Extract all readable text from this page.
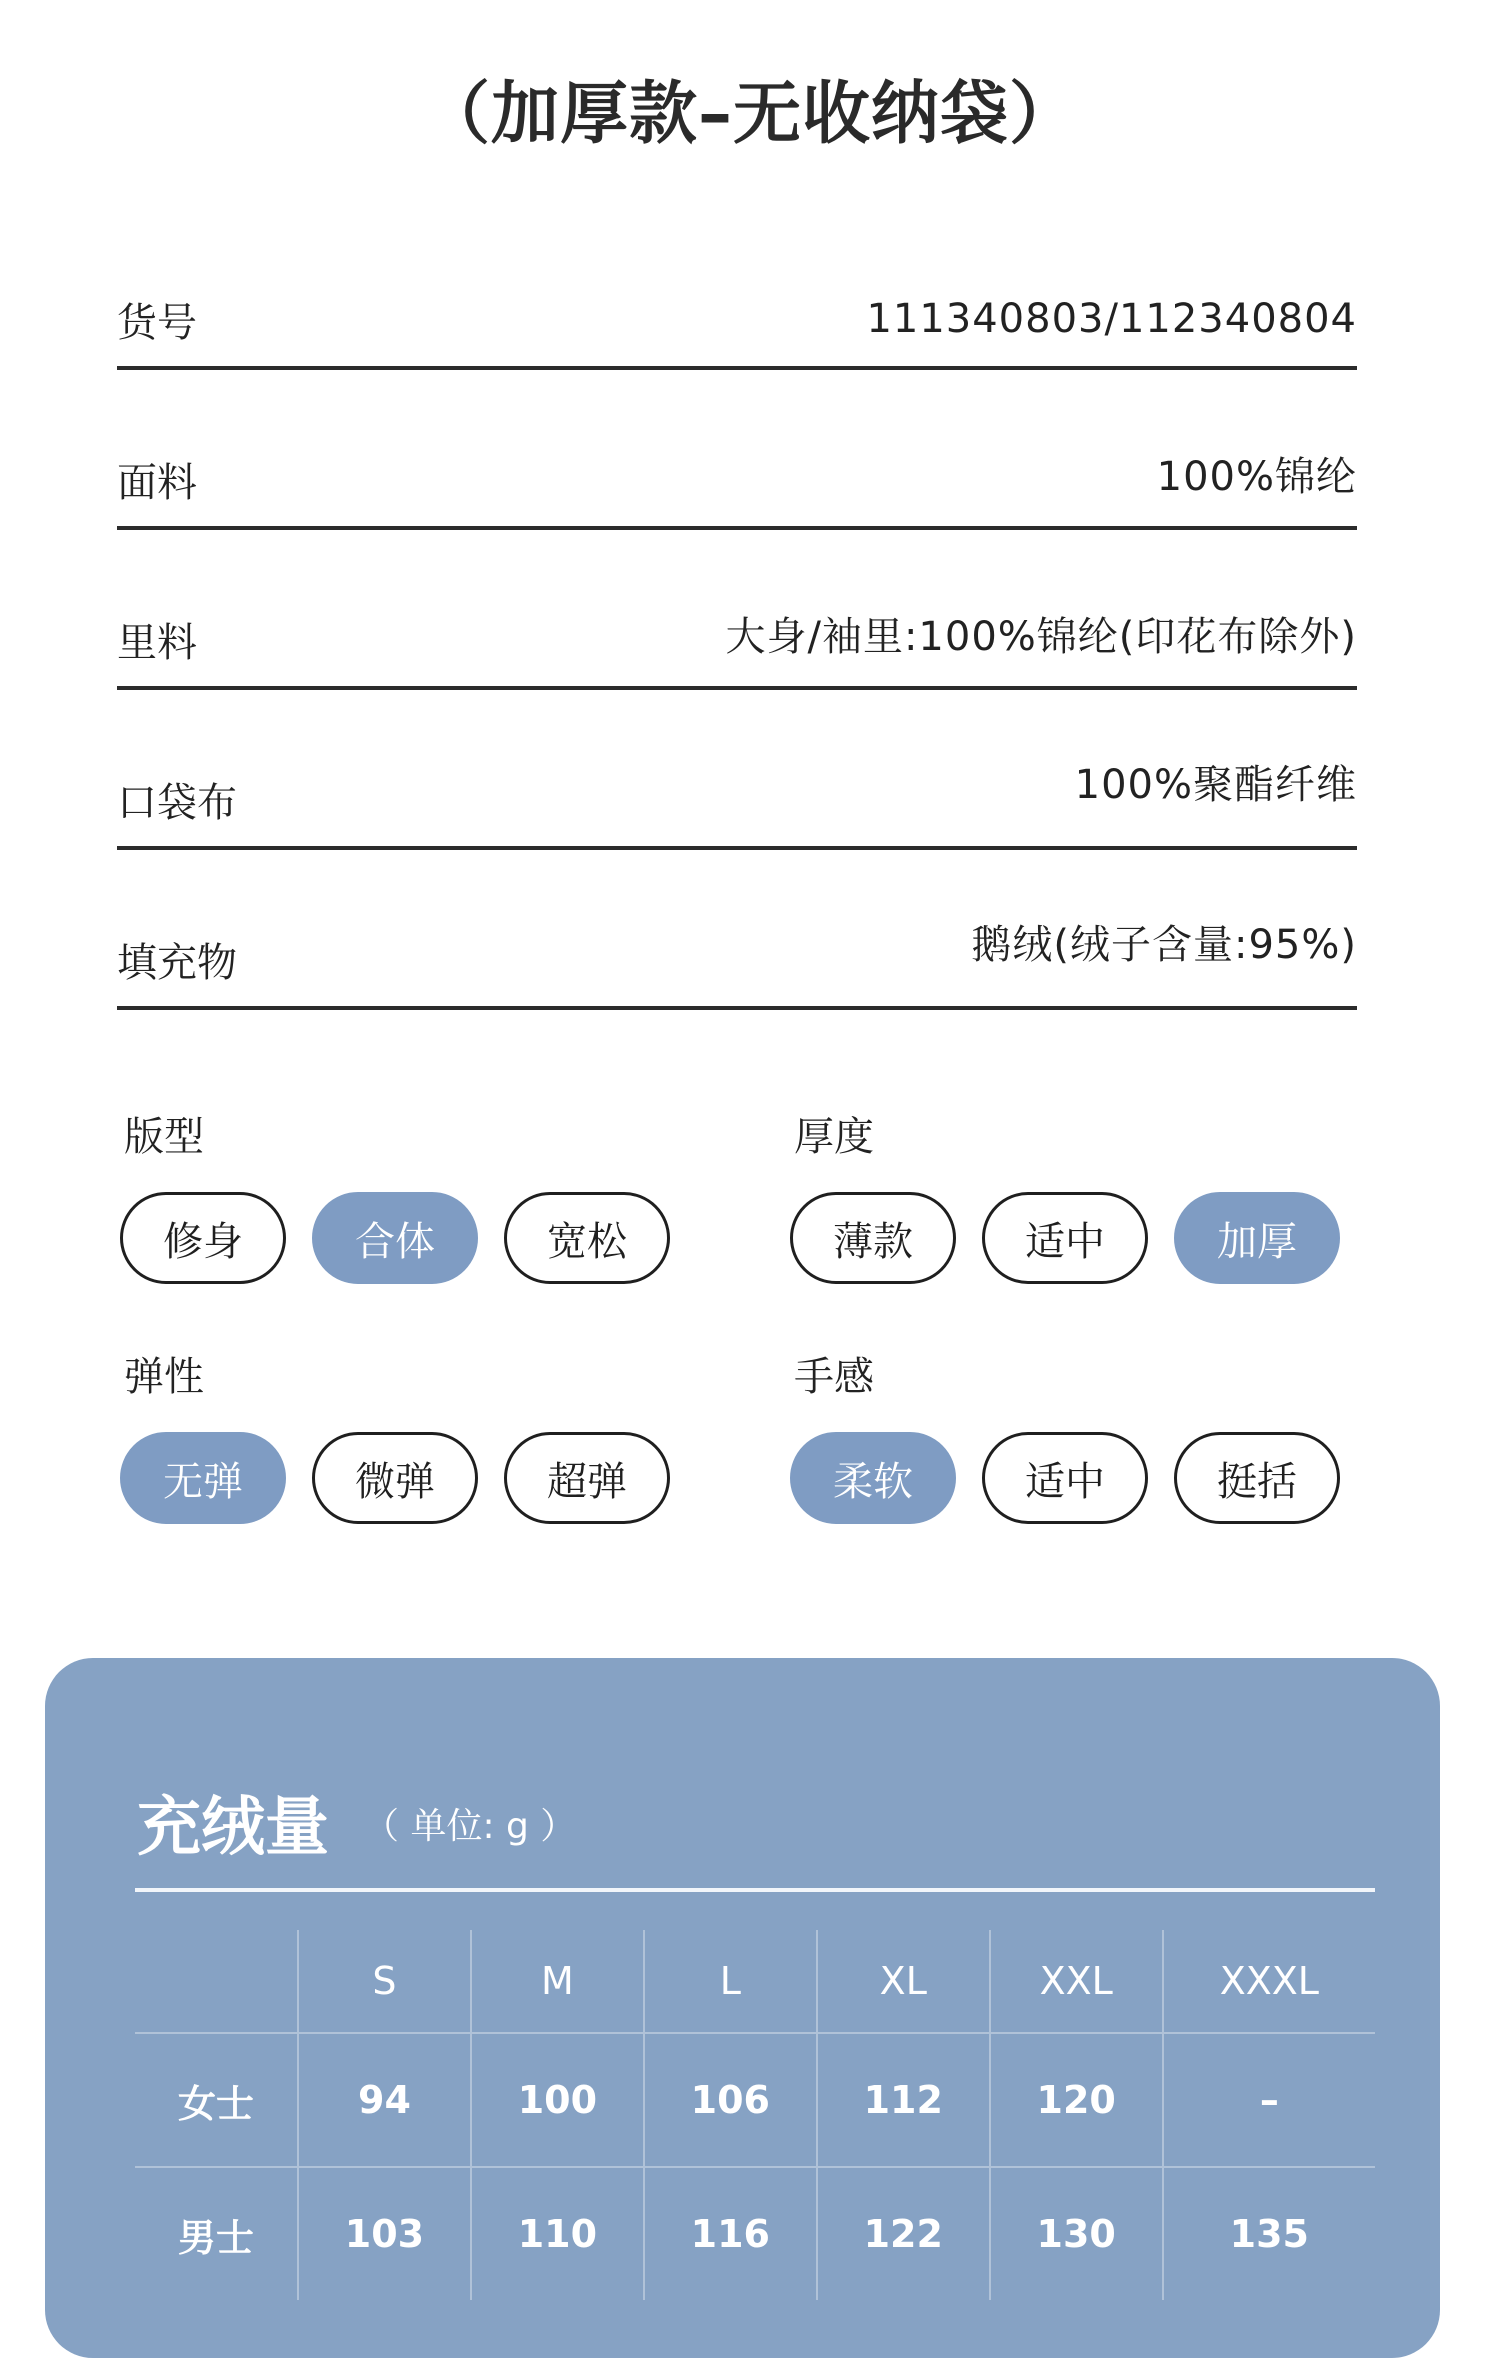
（加厚款–无收纳袋）
货号	111340803/112340804
面料	100%锦纶
里料	大身/袖里:100%锦纶(印花布除外)
口袋布	100%聚酯纤维
填充物	鹅绒(绒子含量:95%)
版型
修身	合体	宽松
厚度
薄款	适中	加厚
弹性
无弹	微弹	超弹
手感
柔软	适中	挺括
充绒量 （ 单位: g ）
	S	M	L	XL	XXL	XXXL
女士	94	100	106	112	120	–
男士	103	110	116	122	130	135
